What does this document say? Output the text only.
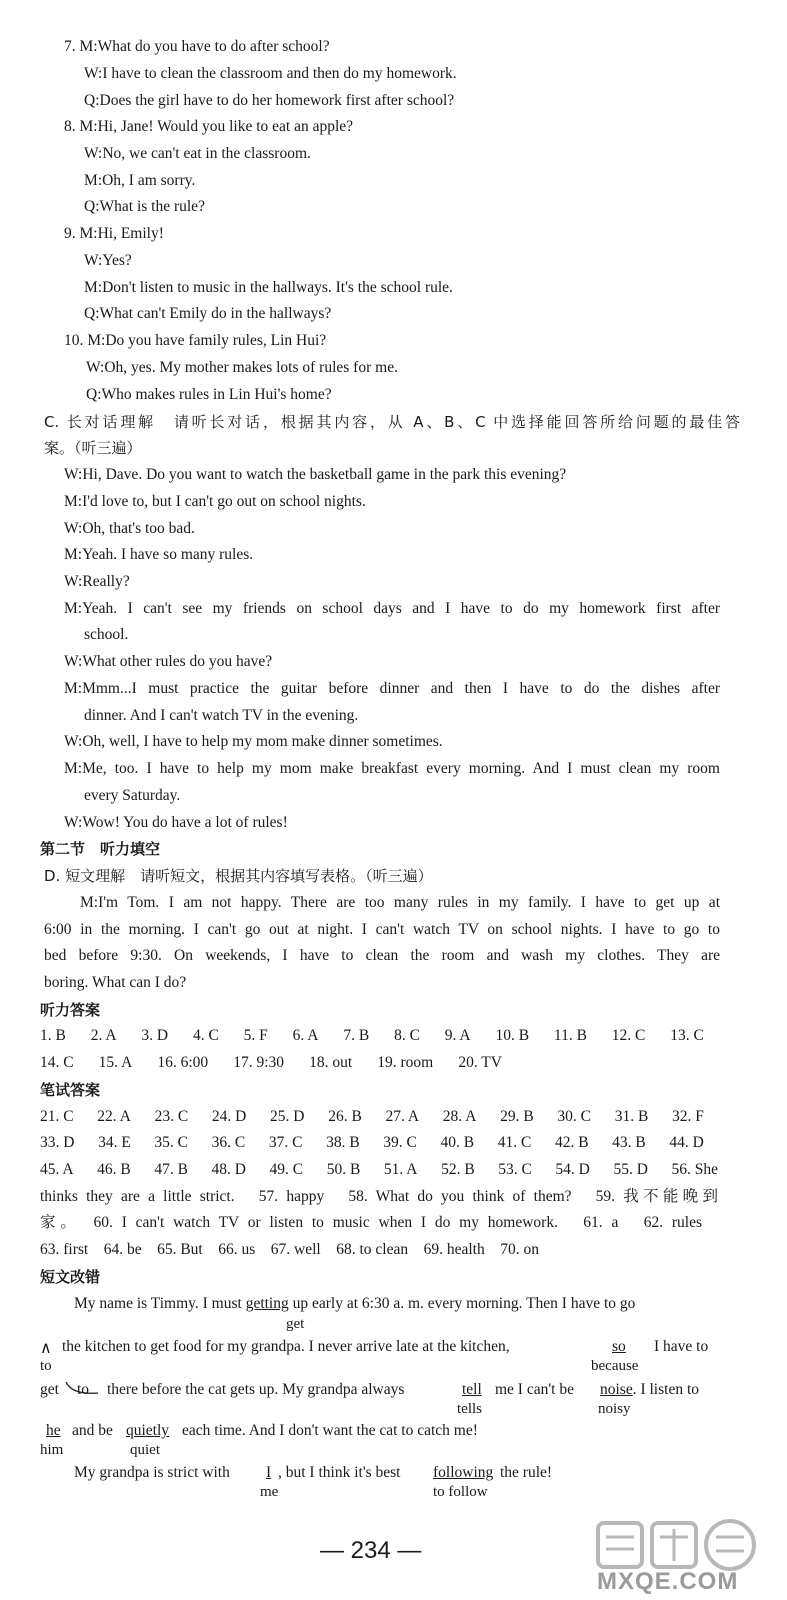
7. M:What do you have to do after school?
W:I have to clean the classroom and then do my homework.
Q:Does the girl have to do her homework first after school?
8. M:Hi, Jane! Would you like to eat an apple?
W:No, we can't eat in the classroom.
M:Oh, I am sorry.
Q:What is the rule?
9. M:Hi, Emily!
W:Yes?
M:Don't listen to music in the hallways. It's the school rule.
Q:What can't Emily do in the hallways?
10. M:Do you have family rules, Lin Hui?
W:Oh, yes. My mother makes lots of rules for me.
Q:Who makes rules in Lin Hui's home?
C. 长对话理解　请听长对话，根据其内容，从 A、B、C 中选择能回答所给问题的最佳答
案。（听三遍）
W:Hi, Dave. Do you want to watch the basketball game in the park this evening?
M:I'd love to, but I can't go out on school nights.
W:Oh, that's too bad.
M:Yeah. I have so many rules.
W:Really?
M:Yeah. I can't see my friends on school days and I have to do my homework first after
school.
W:What other rules do you have?
M:Mmm...I must practice the guitar before dinner and then I have to do the dishes after
dinner. And I can't watch TV in the evening.
W:Oh, well, I have to help my mom make dinner sometimes.
M:Me, too. I have to help my mom make breakfast every morning. And I must clean my room
every Saturday.
W:Wow! You do have a lot of rules!
第二节　听力填空
D. 短文理解　请听短文，根据其内容填写表格。（听三遍）
M:I'm Tom. I am not happy. There are too many rules in my family. I have to get up at
6:00 in the morning. I can't go out at night. I can't watch TV on school nights. I have to go to
bed before 9:30. On weekends, I have to clean the room and wash my clothes. They are
boring. What can I do?
听力答案
1. B 2. A 3. D 4. C 5. F 6. A 7. B 8. C 9. A 10. B 11. B 12. C 13. C
14. C 15. A 16. 6:00 17. 9:30 18. out 19. room 20. TV
笔试答案
21. C 22. A 23. C 24. D 25. D 26. B 27. A 28. A 29. B 30. C 31. B 32. F
33. D 34. E 35. C 36. C 37. C 38. B 39. C 40. B 41. C 42. B 43. B 44. D
45. A 46. B 47. B 48. D 49. C 50. B 51. A 52. B 53. C 54. D 55. D 56. She
thinks they are a little strict.　57. happy　58. What do you think of them?　59. 我不能晚到
家。　60. I can't watch TV or listen to music when I do my homework.　61. a　62. rules
63. first　64. be　65. But　66. us　67. well　68. to clean　69. health　70. on
短文改错
My name is Timmy. I must getting up early at 6:30 a. m. every morning. Then I have to go
get
∧ the kitchen to get food for my grandpa. I never arrive late at the kitchen,	so I have to
to	because
get to there before the cat gets up. My grandpa always	tell me I can't be noise. I listen to
tells	noisy
he and be quietly each time. And I don't want the cat to catch me!
him	quiet
My grandpa is strict with I , but I think it's best following the rule!
me	to follow
— 234 —
MXQE.COM
